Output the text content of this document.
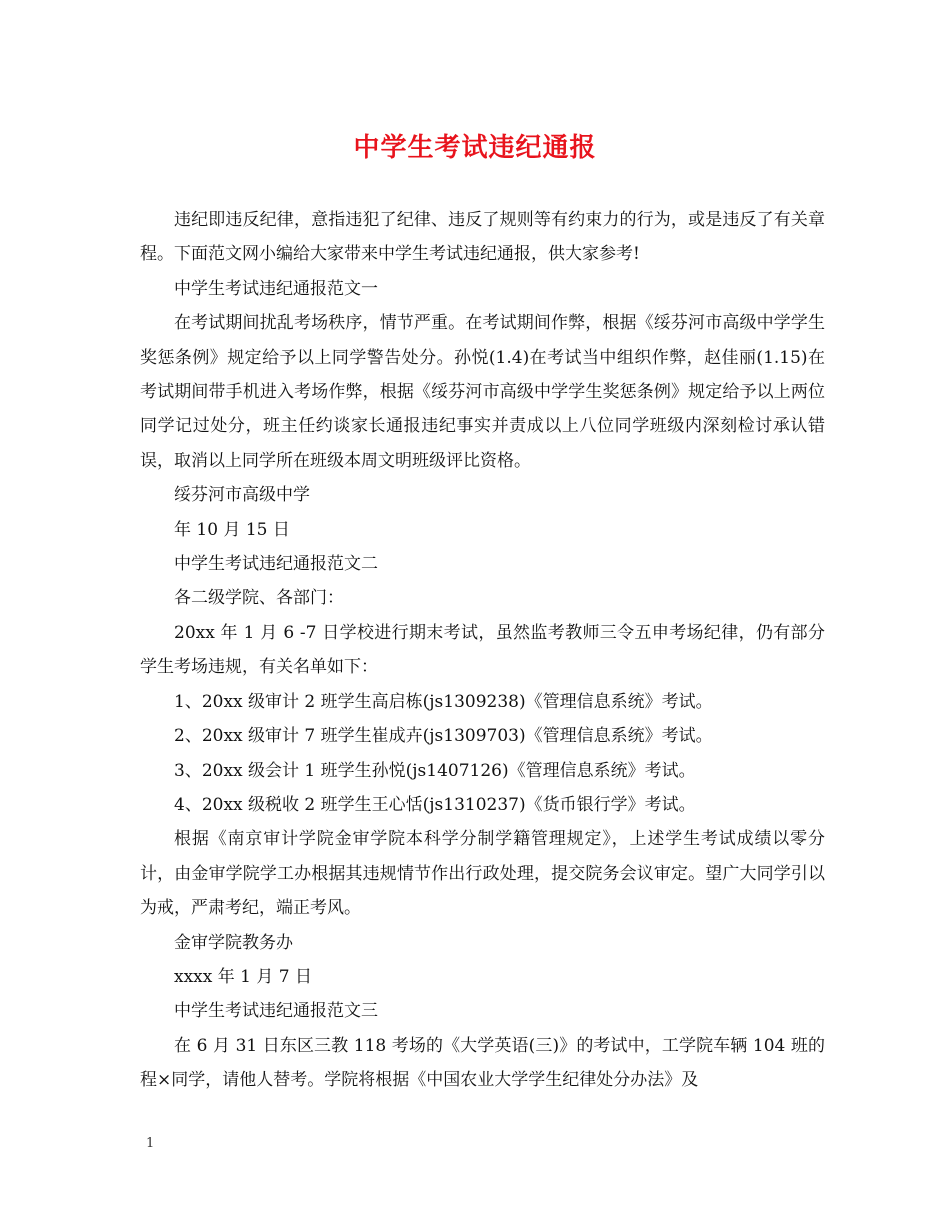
中学生考试违纪通报

违纪即违反纪律，意指违犯了纪律、违反了规则等有约束力的行为，或是违反了有关章程。下面范文网小编给大家带来中学生考试违纪通报，供大家参考!

中学生考试违纪通报范文一

在考试期间扰乱考场秩序，情节严重。在考试期间作弊，根据《绥芬河市高级中学学生奖惩条例》规定给予以上同学警告处分。孙悦(1.4)在考试当中组织作弊，赵佳丽(1.15)在考试期间带手机进入考场作弊，根据《绥芬河市高级中学学生奖惩条例》规定给予以上两位同学记过处分，班主任约谈家长通报违纪事实并责成以上八位同学班级内深刻检讨承认错误，取消以上同学所在班级本周文明班级评比资格。

绥芬河市高级中学

年 10 月 15 日

中学生考试违纪通报范文二

各二级学院、各部门：

20xx 年 1 月 6 -7 日学校进行期末考试，虽然监考教师三令五申考场纪律，仍有部分学生考场违规，有关名单如下：

1、20xx 级审计 2 班学生高启栋(js1309238)《管理信息系统》考试。

2、20xx 级审计 7 班学生崔成卉(js1309703)《管理信息系统》考试。

3、20xx 级会计 1 班学生孙悦(js1407126)《管理信息系统》考试。

4、20xx 级税收 2 班学生王心恬(js1310237)《货币银行学》考试。

根据《南京审计学院金审学院本科学分制学籍管理规定》，上述学生考试成绩以零分计，由金审学院学工办根据其违规情节作出行政处理，提交院务会议审定。望广大同学引以为戒，严肃考纪，端正考风。

金审学院教务办

xxxx 年 1 月 7 日

中学生考试违纪通报范文三

在 6 月 31 日东区三教 118 考场的《大学英语(三)》的考试中，工学院车辆 104 班的程×同学，请他人替考。学院将根据《中国农业大学学生纪律处分办法》及

1
